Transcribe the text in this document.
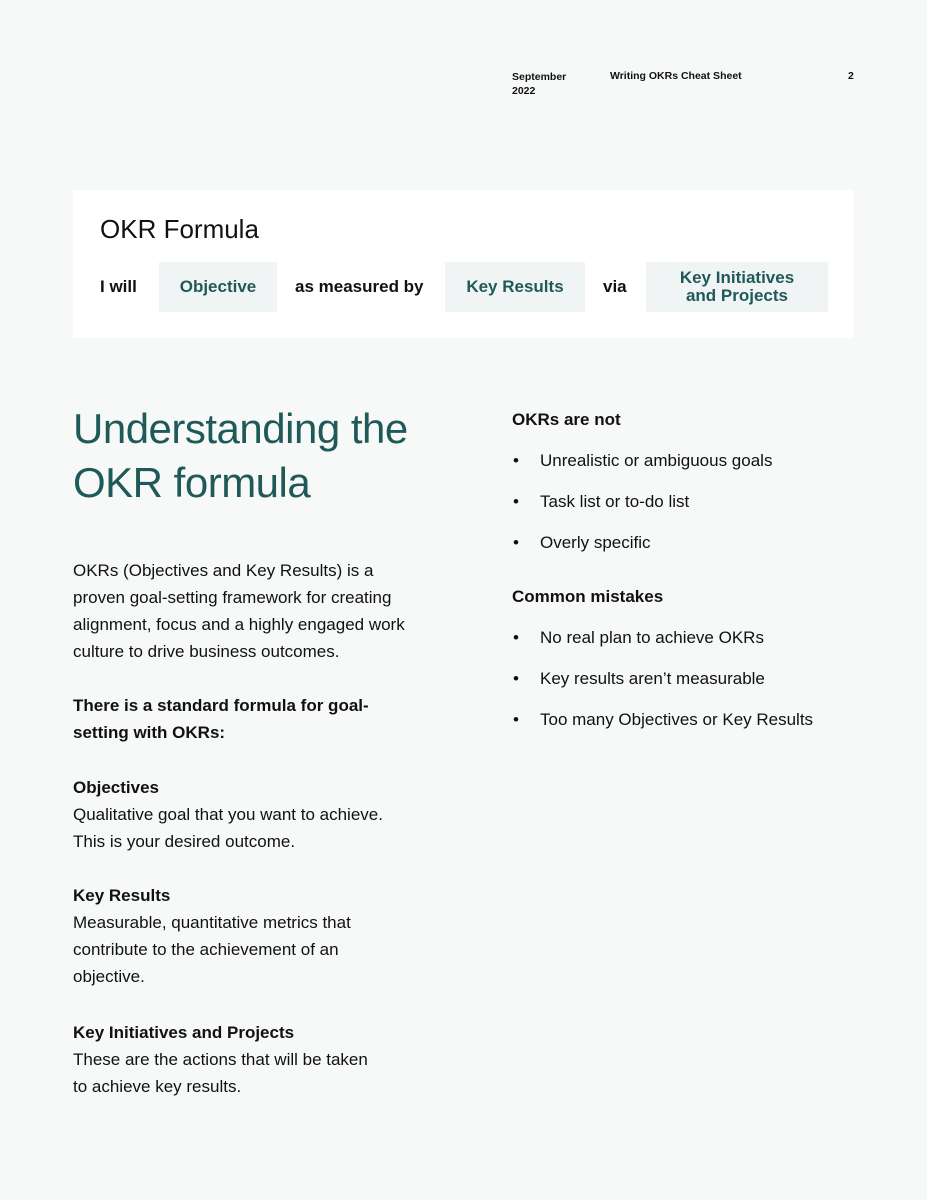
September 2022
Writing OKRs Cheat Sheet	2
OKR Formula
I will	Objective	as measured by	Key Results	via	Key Initiatives and Projects
Understanding the OKR formula

OKRs (Objectives and Key Results) is a proven goal-setting framework for creating alignment, focus and a highly engaged work culture to drive business outcomes.

There is a standard formula for goal-setting with OKRs:

Objectives

Qualitative goal that you want to achieve. This is your desired outcome.

Key Results

Measurable, quantitative metrics that contribute to the achievement of an objective.

Key Initiatives and Projects

These are the actions that will be taken to achieve key results.

OKRs are not

• Unrealistic or ambiguous goals
• Task list or to-do list
• Overly specific

Common mistakes

• No real plan to achieve OKRs
• Key results aren’t measurable
• Too many Objectives or Key Results
